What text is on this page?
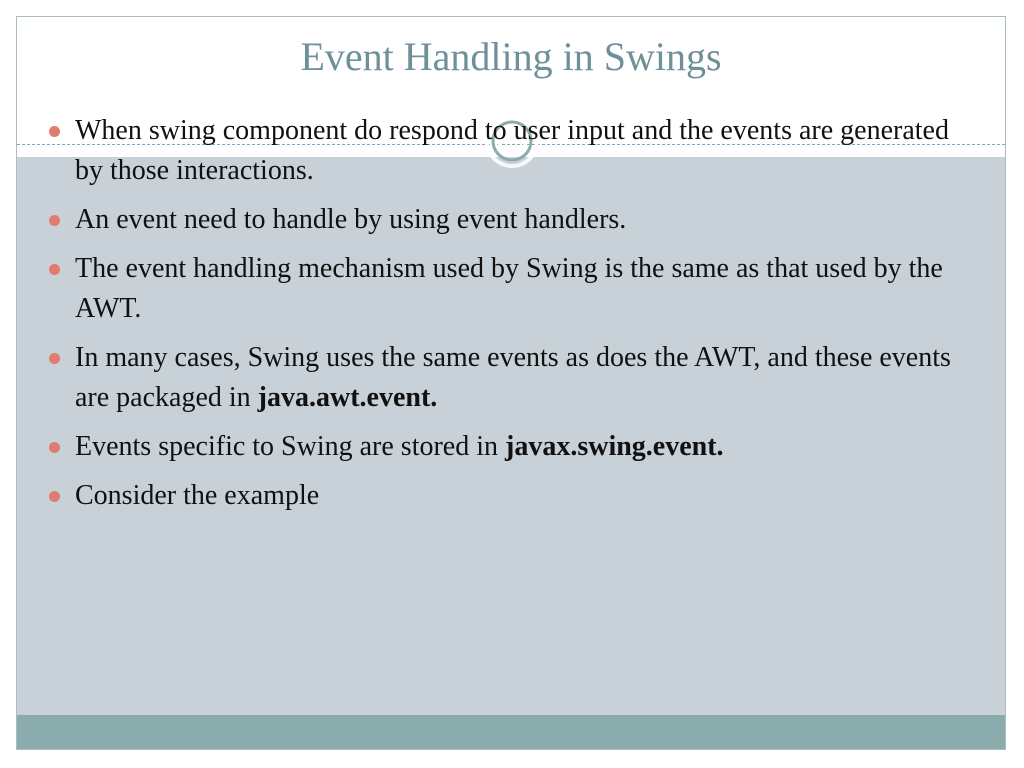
Event Handling in Swings
When swing component do respond to user input and the events are generated by those interactions.
An event need to handle by using event handlers.
The event handling mechanism used by Swing is the same as that used by the AWT.
In many cases, Swing uses the same events as does the AWT, and these events are packaged in java.awt.event.
Events specific to Swing are stored in javax.swing.event.
Consider the example
